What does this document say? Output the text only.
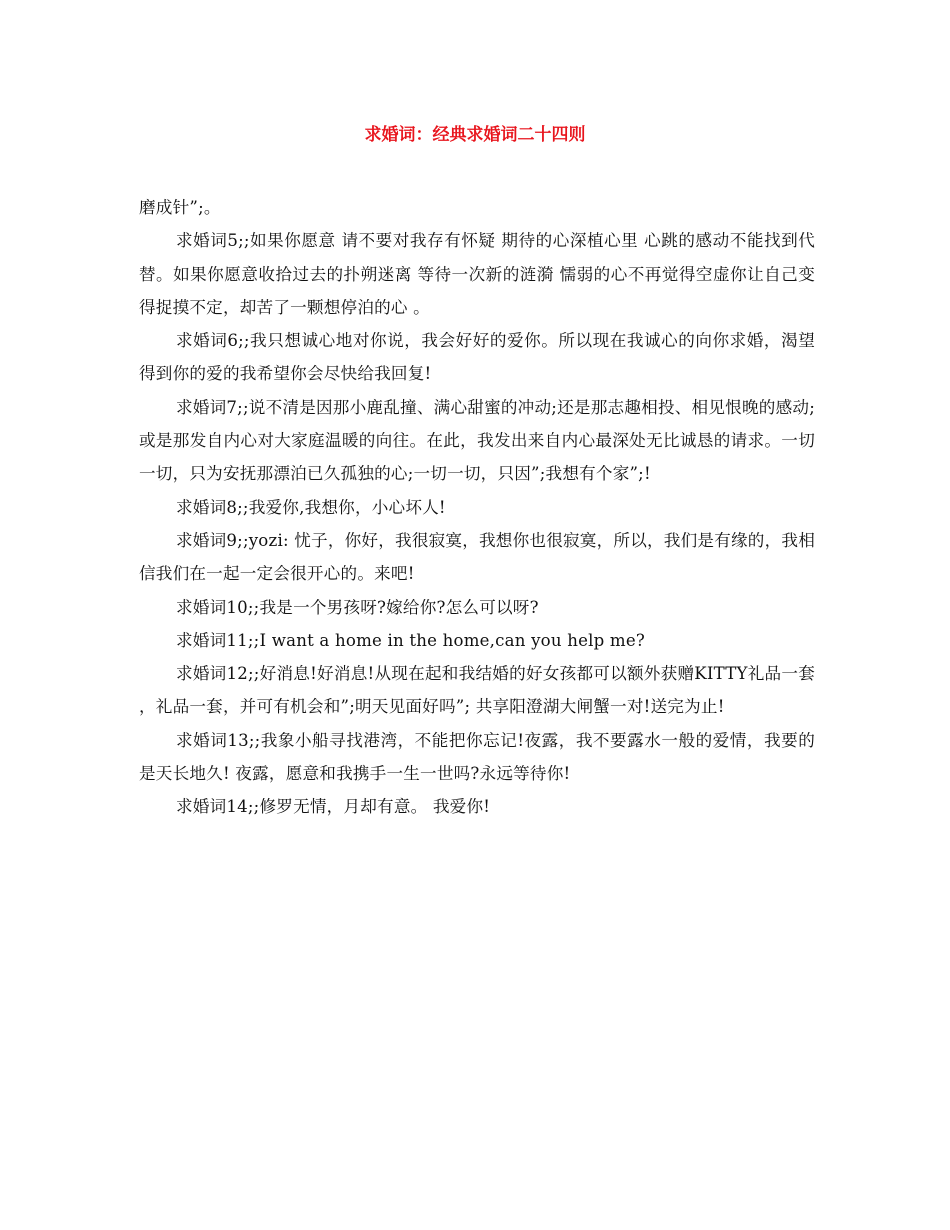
求婚词：经典求婚词二十四则

磨成针”;。

求婚词5;;如果你愿意 请不要对我存有怀疑 期待的心深植心里 心跳的感动不能找到代替。如果你愿意收拾过去的扑朔迷离 等待一次新的涟漪 懦弱的心不再觉得空虚你让自己变得捉摸不定，却苦了一颗想停泊的心 。

求婚词6;;我只想诚心地对你说，我会好好的爱你。所以现在我诚心的向你求婚，渴望得到你的爱的我希望你会尽快给我回复!

求婚词7;;说不清是因那小鹿乱撞、满心甜蜜的冲动;还是那志趣相投、相见恨晚的感动;或是那发自内心对大家庭温暖的向往。在此，我发出来自内心最深处无比诚恳的请求。一切一切，只为安抚那漂泊已久孤独的心;一切一切，只因”;我想有个家”;!

求婚词8;;我爱你,我想你，小心坏人!

求婚词9;;yozi: 忧子，你好，我很寂寞，我想你也很寂寞，所以，我们是有缘的，我相信我们在一起一定会很开心的。来吧!

求婚词10;;我是一个男孩呀?嫁给你?怎么可以呀?

求婚词11;;I want a home in the home,can you help me?

求婚词12;;好消息!好消息!从现在起和我结婚的好女孩都可以额外获赠KITTY礼品一套 ，礼品一套，并可有机会和”;明天见面好吗”; 共享阳澄湖大闸蟹一对!送完为止!

求婚词13;;我象小船寻找港湾，不能把你忘记!夜露，我不要露水一般的爱情，我要的是天长地久! 夜露，愿意和我携手一生一世吗?永远等待你!

求婚词14;;修罗无情，月却有意。 我爱你!
